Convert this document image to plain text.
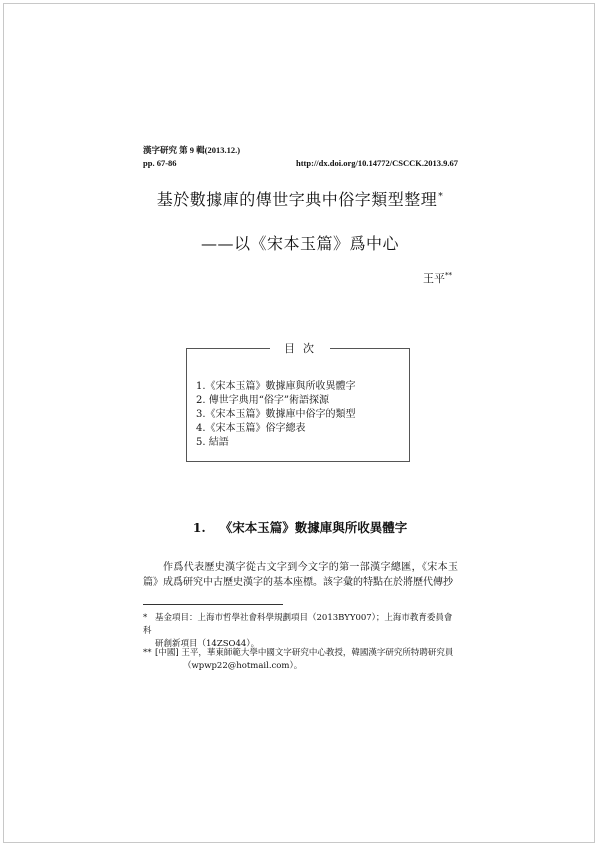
漢字研究 第 9 輯(2013.12.)
pp. 67-86	http://dx.doi.org/10.14772/CSCCK.2013.9.67
基於數據庫的傳世字典中俗字類型整理*
——以《宋本玉篇》爲中心
王平**
目次
1.《宋本玉篇》數據庫與所收異體字
2. 傳世字典用“俗字”術語探源
3.《宋本玉篇》數據庫中俗字的類型
4.《宋本玉篇》俗字總表
5. 結語
1. 《宋本玉篇》數據庫與所收異體字

作爲代表歷史漢字從古文字到今文字的第一部漢字總匯，《宋本玉篇》成爲研究中古歷史漢字的基本座標。該字彙的特點在於將歷代傳抄

* 基金項目：上海市哲學社會科學規劃項目（2013BYY007）；上海市教育委員會科
研創新項目（14ZSO44）。
** [中國] 王平，華東師範大學中國文字研究中心教授，韓國漢字研究所特聘研究員
（wpwp22@hotmail.com）。
